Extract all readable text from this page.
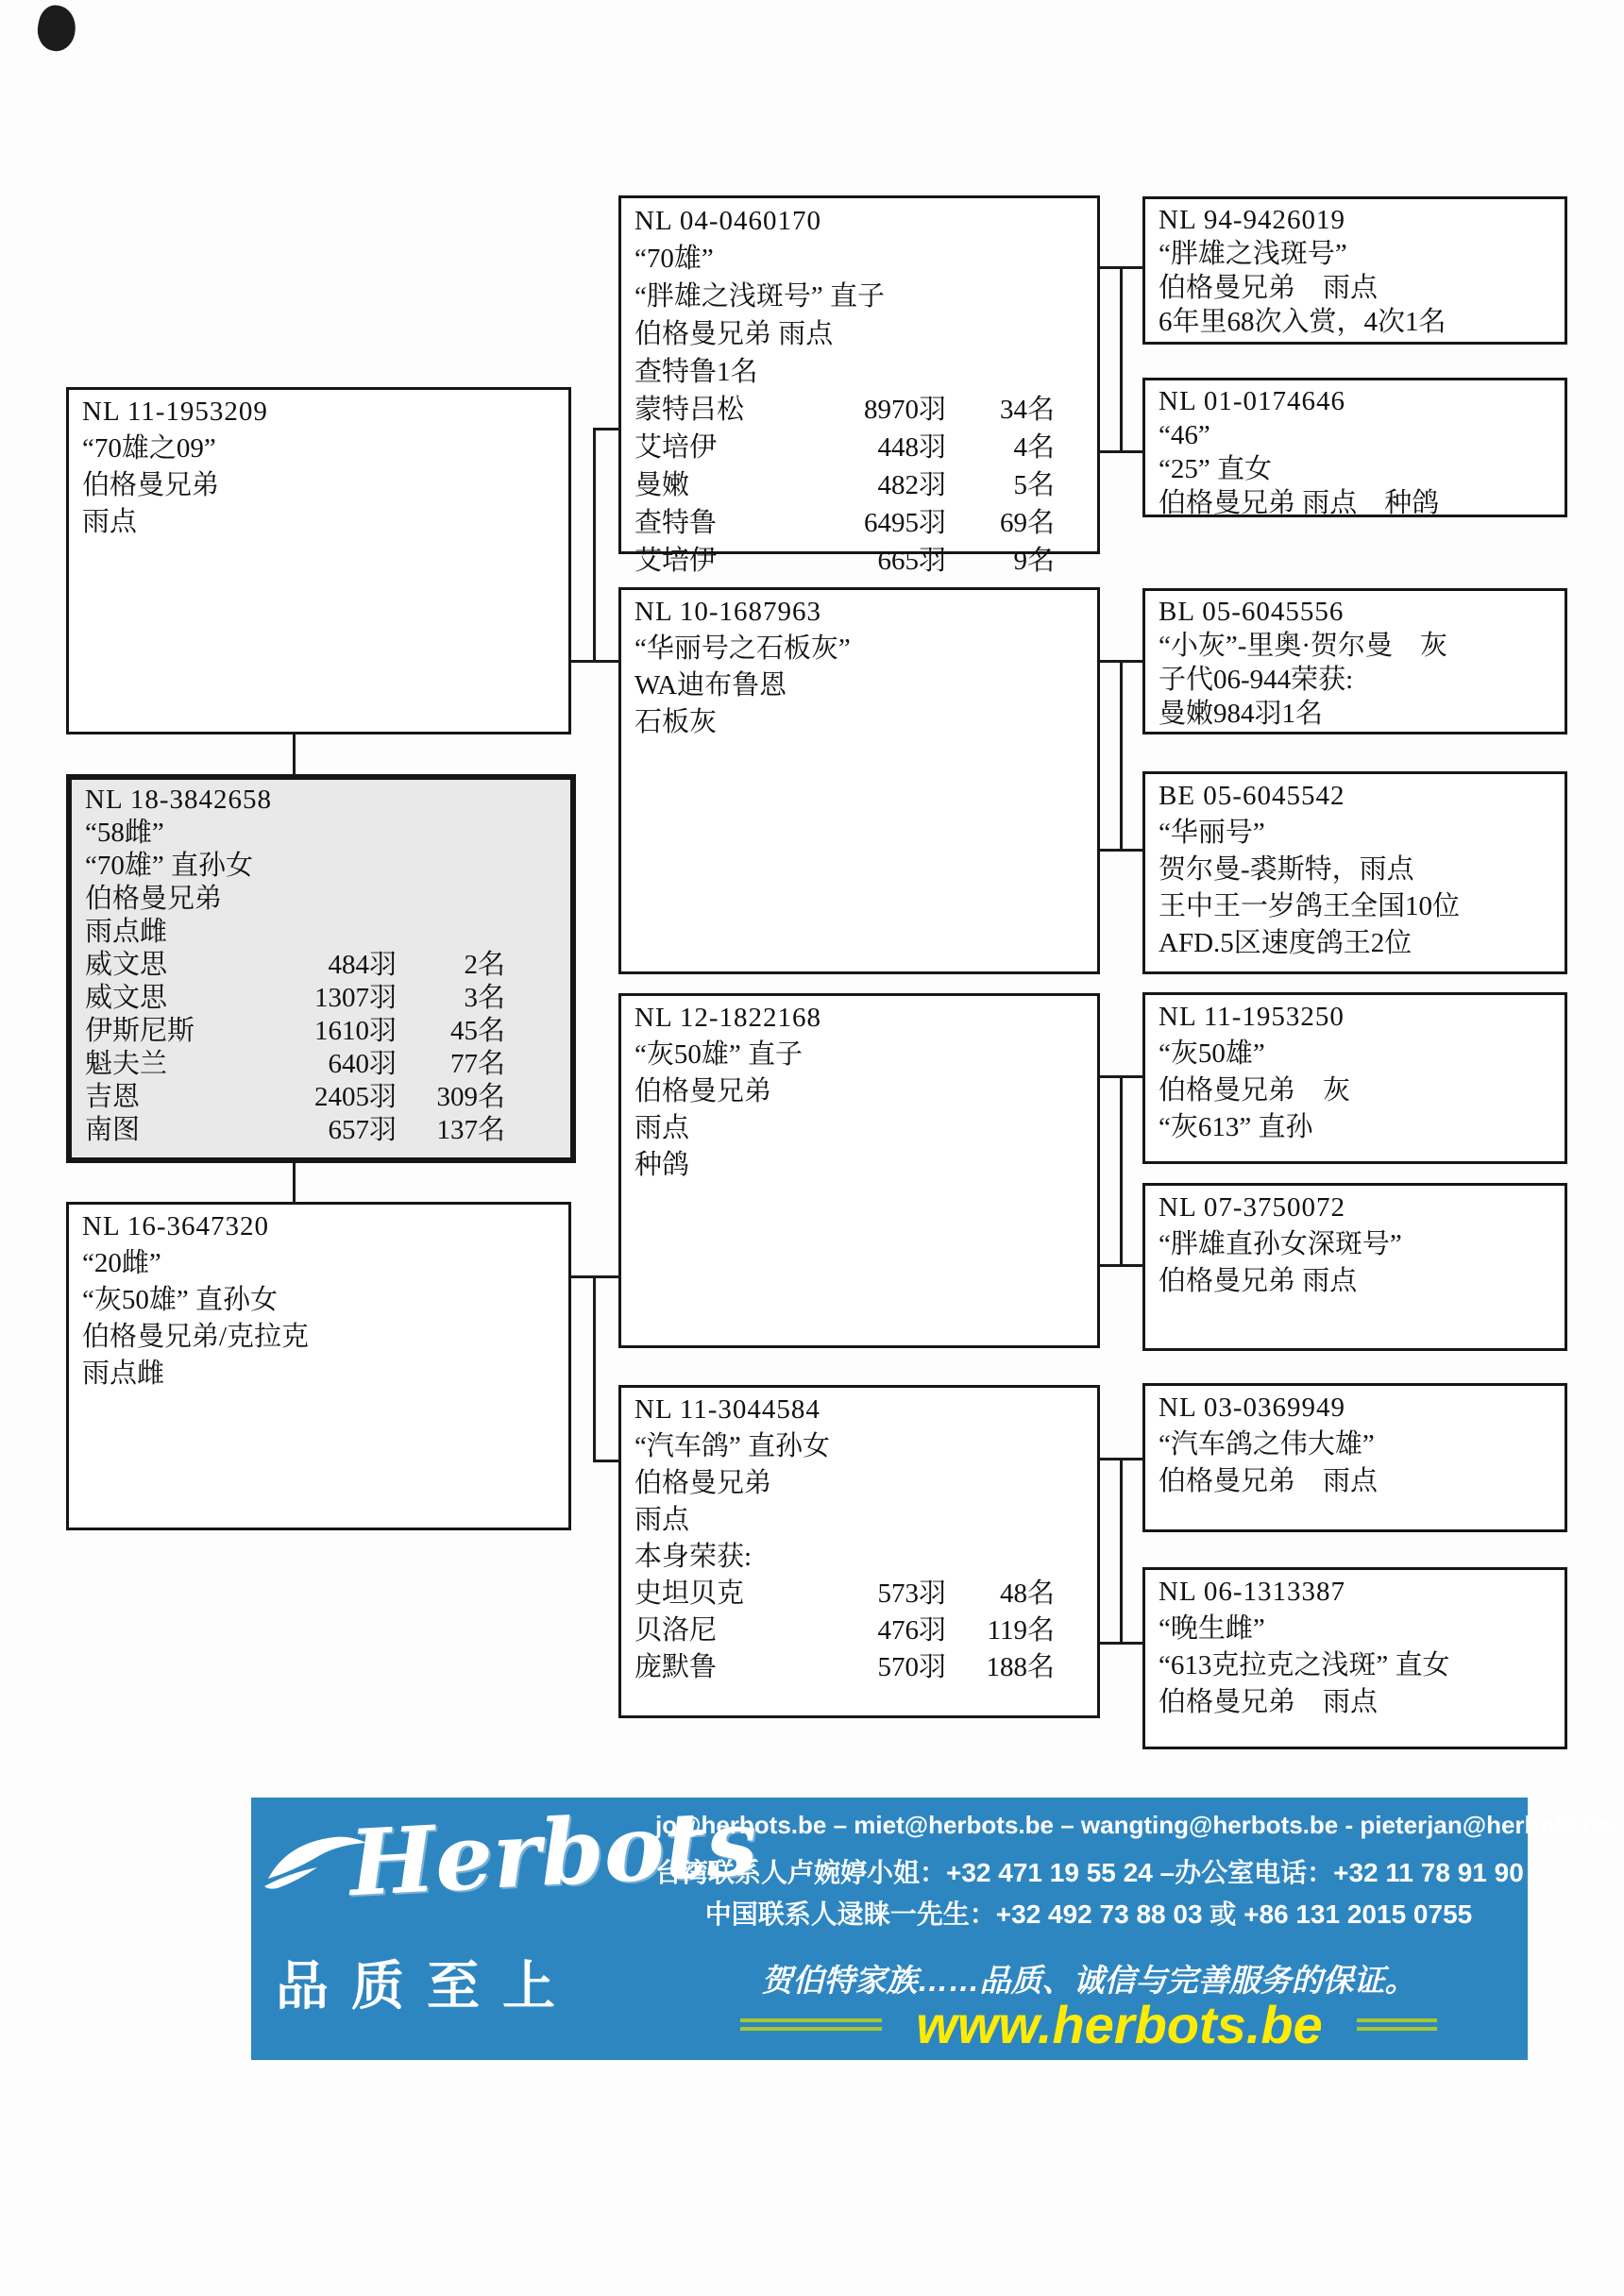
NL 11-1953209
“70雄之09”
伯格曼兄弟
雨点
NL 18-3842658
“58雌”
“70雄” 直孙女
伯格曼兄弟
雨点雌
威文思	484羽	2名
威文思	1307羽	3名
伊斯尼斯	1610羽	45名
魁夫兰	640羽	77名
吉恩	2405羽	309名
南图	657羽	137名
NL 16-3647320
“20雌”
“灰50雄” 直孙女
伯格曼兄弟/克拉克
雨点雌
NL 04-0460170
“70雄”
“胖雄之浅斑号” 直子
伯格曼兄弟 雨点
查特鲁1名
蒙特吕松	8970羽	34名
艾培伊	448羽	4名
曼嫩	482羽	5名
查特鲁	6495羽	69名
艾培伊	665羽	9名
NL 10-1687963
“华丽号之石板灰”
WA迪布鲁恩
石板灰
NL 12-1822168
“灰50雄” 直子
伯格曼兄弟
雨点
种鸽
NL 11-3044584
“汽车鸽” 直孙女
伯格曼兄弟
雨点
本身荣获:
史坦贝克	573羽	48名
贝洛尼	476羽	119名
庞默鲁	570羽	188名
NL 94-9426019
“胖雄之浅斑号”
伯格曼兄弟　雨点
6年里68次入赏，4次1名
NL 01-0174646
“46”
“25” 直女
伯格曼兄弟 雨点　种鸽
BL 05-6045556
“小灰”-里奥·贺尔曼　灰
子代06-944荣获:
曼嫩984羽1名
BE 05-6045542
“华丽号”
贺尔曼-裘斯特，雨点
王中王一岁鸽王全国10位
AFD.5区速度鸽王2位
NL 11-1953250
“灰50雄”
伯格曼兄弟　灰
“灰613” 直孙
NL 07-3750072
“胖雄直孙女深斑号”
伯格曼兄弟 雨点
NL 03-0369949
“汽车鸽之伟大雄”
伯格曼兄弟　雨点
NL 06-1313387
“晚生雌”
“613克拉克之浅斑” 直女
伯格曼兄弟　雨点
Herbots
品质至上
jo@herbots.be – miet@herbots.be – wangting@herbots.be - pieterjan@herbots.be
台湾联系人卢婉婷小姐：+32 471 19 55 24 –办公室电话：+32 11 78 91 90
中国联系人逯睐一先生：+32 492 73 88 03 或 +86 131 2015 0755
贺伯特家族……品质、诚信与完善服务的保证。
www.herbots.be
